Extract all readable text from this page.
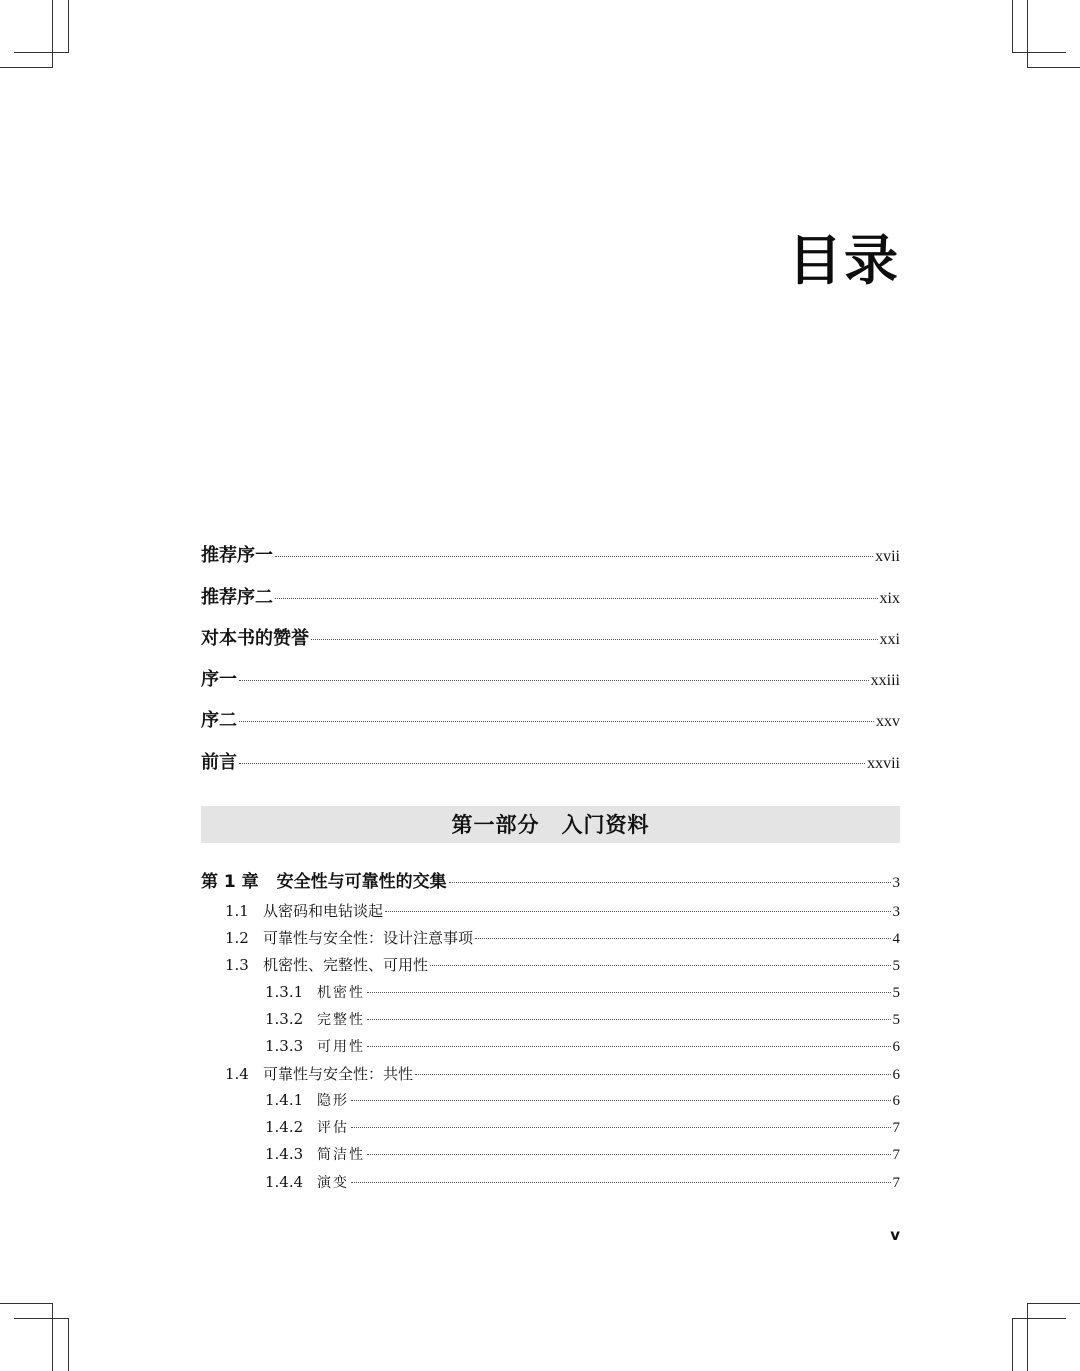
目录
推荐序一	xvii
推荐序二	xix
对本书的赞誉	xxi
序一	xxiii
序二	xxv
前言	xxvii
第一部分　入门资料
第 1 章 安全性与可靠性的交集	3
1.1 从密码和电钻谈起	3
1.2 可靠性与安全性：设计注意事项	4
1.3 机密性、完整性、可用性	5
1.3.1 机密性	5
1.3.2 完整性	5
1.3.3 可用性	6
1.4 可靠性与安全性：共性	6
1.4.1 隐形	6
1.4.2 评估	7
1.4.3 简洁性	7
1.4.4 演变	7
v
